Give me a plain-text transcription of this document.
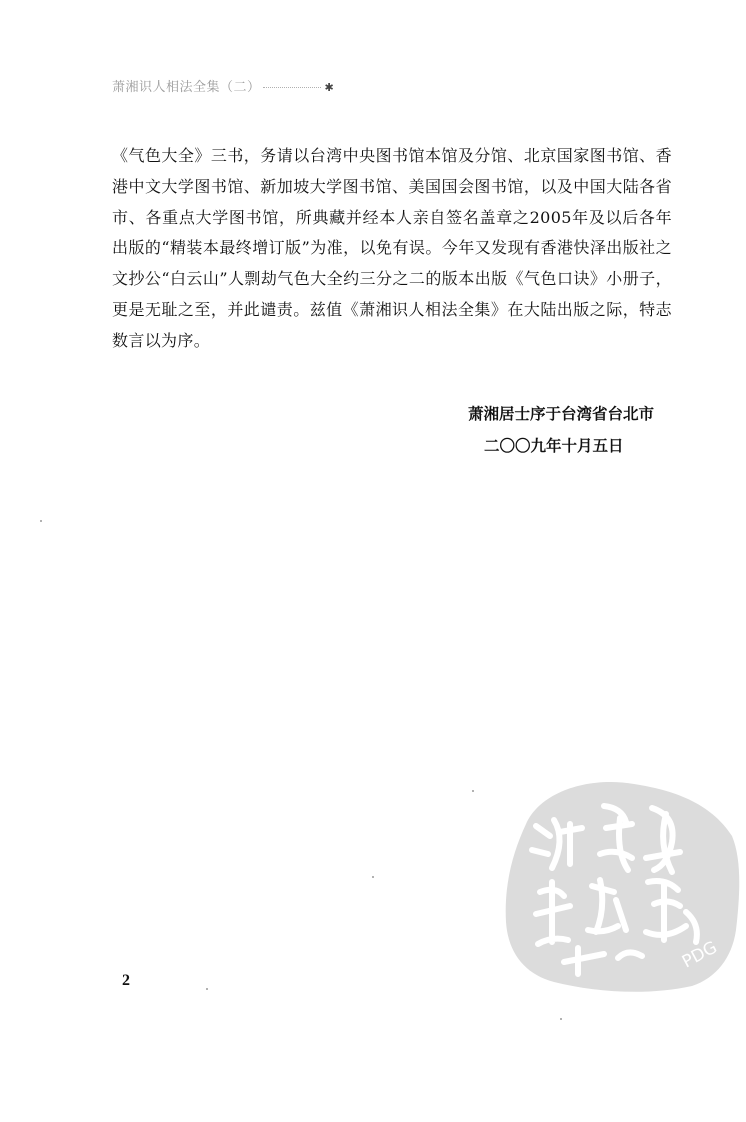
萧湘识人相法全集（二）	✱

《气色大全》三书，务请以台湾中央图书馆本馆及分馆、北京国家图书馆、香港中文大学图书馆、新加坡大学图书馆、美国国会图书馆，以及中国大陆各省市、各重点大学图书馆，所典藏并经本人亲自签名盖章之2005年及以后各年出版的“精装本最终增订版”为准，以免有误。今年又发现有香港快泽出版社之文抄公“白云山”人剽劫气色大全约三分之二的版本出版《气色口诀》小册子，更是无耻之至，并此谴责。兹值《萧湘识人相法全集》在大陆出版之际，特志数言以为序。

萧湘居士序于台湾省台北市
二〇〇九年十月五日
2
PDG
